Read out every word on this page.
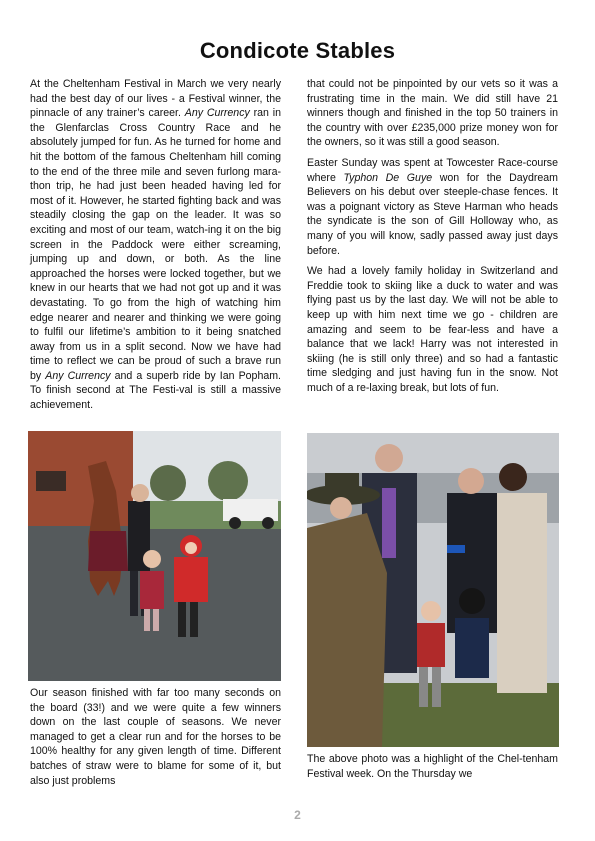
Condicote Stables

At the Cheltenham Festival in March we very nearly had the best day of our lives - a Festival winner, the pinnacle of any trainer’s career. Any Currency ran in the Glenfarclas Cross Country Race and he absolutely jumped for fun. As he turned for home and hit the bottom of the famous Cheltenham hill coming to the end of the three mile and seven furlong mara-thon trip, he had just been headed having led for most of it. However, he started fighting back and was steadily closing the gap on the leader. It was so exciting and most of our team, watch-ing it on the big screen in the Paddock were either screaming, jumping up and down, or both. As the line approached the horses were locked together, but we knew in our hearts that we had not got up and it was devastating. To go from the high of watching him edge nearer and nearer and thinking we were going to fulfil our lifetime’s ambition to it being snatched away from us in a split second. Now we have had time to reflect we can be proud of such a brave run by Any Currency and a superb ride by Ian Popham. To finish second at The Festi-val is still a massive achievement.

that could not be pinpointed by our vets so it was a frustrating time in the main. We did still have 21 winners though and finished in the top 50 trainers in the country with over £235,000 prize money won for the owners, so it was still a good season.

Easter Sunday was spent at Towcester Race-course where Typhon De Guye won for the Daydream Believers on his debut over steeple-chase fences. It was a poignant victory as Steve Harman who heads the syndicate is the son of Gill Holloway who, as many of you will know, sadly passed away just days before.

We had a lovely family holiday in Switzerland and Freddie took to skiing like a duck to water and was flying past us by the last day. We will not be able to keep up with him next time we go - children are amazing and seem to be fear-less and have a balance that we lack! Harry was not interested in skiing (he is still only three) and so had a fantastic time sledging and just having fun in the snow. Not much of a re-laxing break, but lots of fun.

Our season finished with far too many seconds on the board (33!) and we were quite a few winners down on the last couple of seasons. We never managed to get a clear run and for the horses to be 100% healthy for any given length of time. Different batches of straw were to blame for some of it, but also just problems

The above photo was a highlight of the Chel-tenham Festival week. On the Thursday we

2
